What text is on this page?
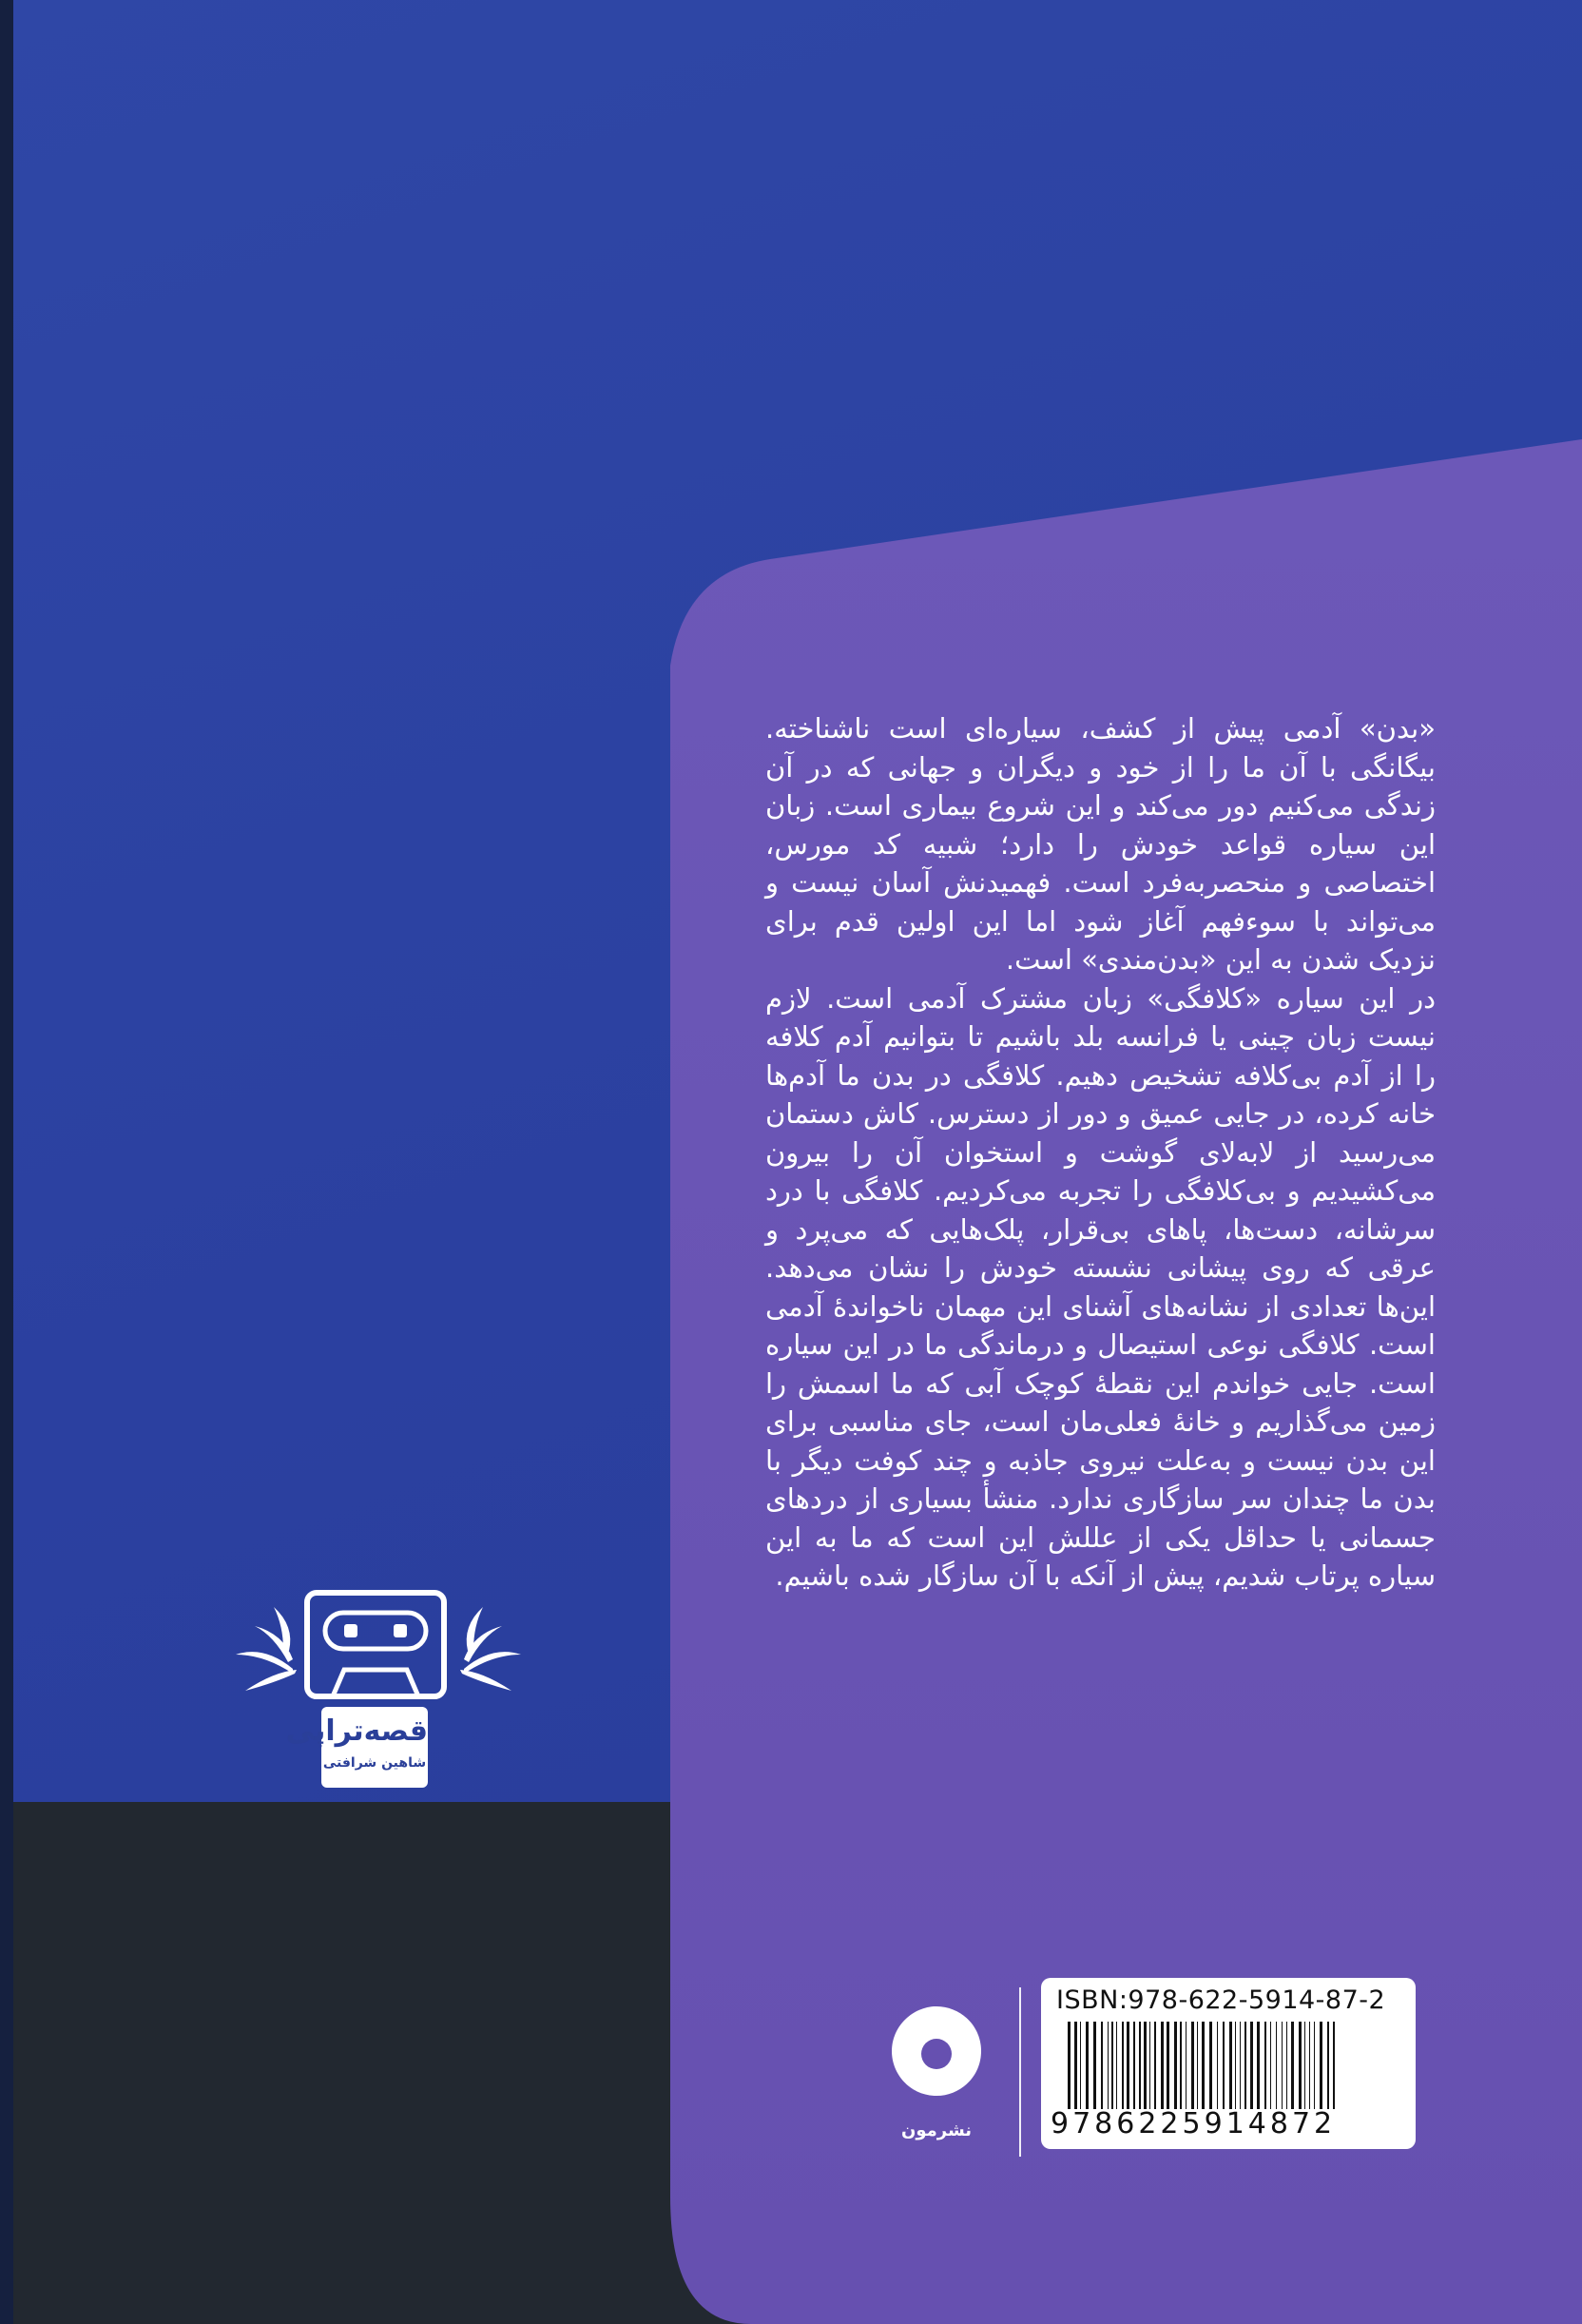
«بدن» آدمی پیش از کشف، سیاره‌ای است ناشناخته. بیگانگی با آن ما را از خود و دیگران و جهانی که در آن زندگی می‌کنیم دور می‌کند و این شروع بیماری است. زبان این سیاره قواعد خودش را دارد؛ شبیه کد مورس، اختصاصی و منحصربه‌فرد است. فهمیدنش آسان نیست و می‌تواند با سوءفهم آغاز شود اما این اولین قدم برای نزدیک شدن به این «بدن‌مندی» است.

در این سیاره «کلافگی» زبان مشترک آدمی است. لازم نیست زبان چینی یا فرانسه بلد باشیم تا بتوانیم آدم کلافه را از آدم بی‌کلافه تشخیص دهیم. کلافگی در بدن ما آدم‌ها خانه کرده، در جایی عمیق و دور از دسترس. کاش دستمان می‌رسید از لابه‌لای گوشت و استخوان آن را بیرون می‌کشیدیم و بی‌کلافگی را تجربه می‌کردیم. کلافگی با درد سرشانه، دست‌ها، پاهای بی‌قرار، پلک‌هایی که می‌پرد و عرقی که روی پیشانی نشسته خودش را نشان می‌دهد. این‌ها تعدادی از نشانه‌های آشنای این مهمان ناخواندهٔ آدمی است. کلافگی نوعی استیصال و درماندگی ما در این سیاره است. جایی خواندم این نقطهٔ کوچک آبی که ما اسمش را زمین می‌گذاریم و خانهٔ فعلی‌مان است، جای مناسبی برای این بدن نیست و به‌علت نیروی جاذبه و چند کوفت دیگر با بدن ما چندان سر سازگاری ندارد. منشأ بسیاری از دردهای جسمانی یا حداقل یکی از عللش این است که ما به این سیاره پرتاب شدیم، پیش از آنکه با آن سازگار شده باشیم.

قصه‌تراپی
شاهین شرافتی
نشرمون
ISBN:978-622-5914-87-2
9786225914872
